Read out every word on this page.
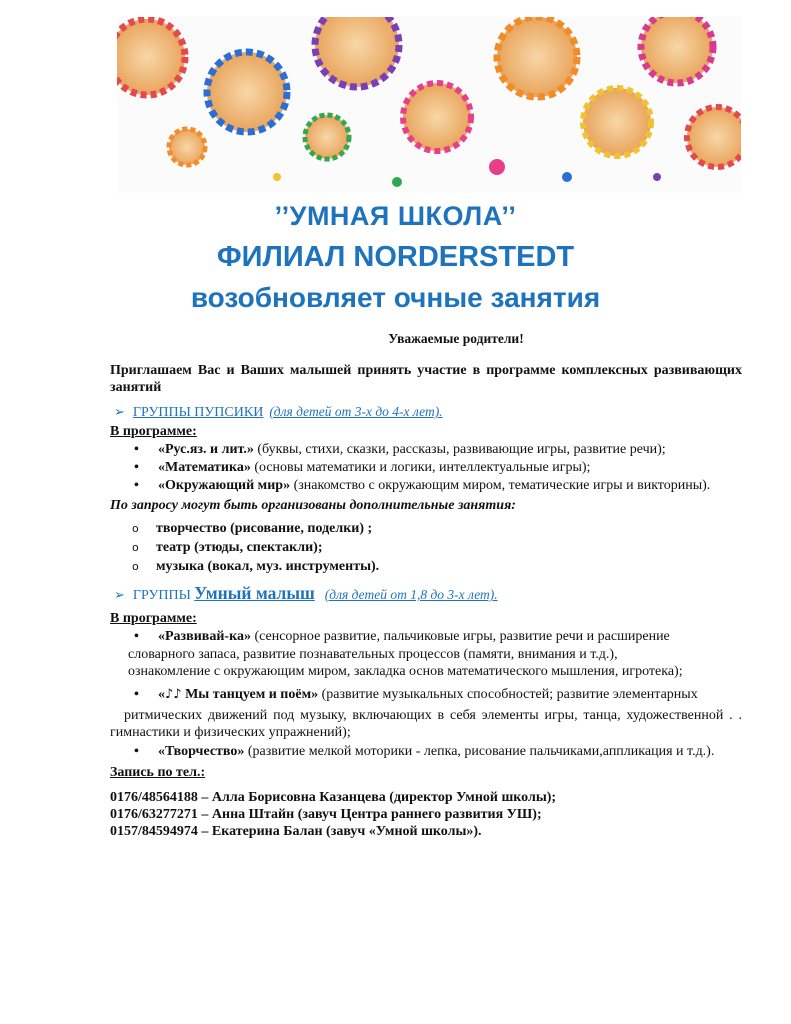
’’УМНАЯ ШКОЛА’’
ФИЛИАЛ NORDERSTEDT
возобновляет очные занятия
Уважаемые родители!
Приглашаем Вас и Ваших малышей принять участие в программе комплексных развивающих занятий
➢ ГРУППЫ ПУПСИКИ (для детей от 3-х до 4-х лет).
В программе:
• «Рус.яз. и лит.» (буквы, стихи, сказки, рассказы, развивающие игры, развитие речи);
• «Математика» (основы математики и логики, интеллектуальные игры);
• «Окружающий мир» (знакомство с окружающим миром, тематические игры и викторины).
По запросу могут быть организованы дополнительные занятия:
o творчество (рисование, поделки) ;
o театр (этюды, спектакли);
o музыка (вокал, муз. инструменты).
➢ ГРУППЫ Умный малыш (для детей от 1,8 до 3-х лет).
В программе:
• «Развивай-ка» (сенсорное развитие, пальчиковые игры, развитие речи и расширение
словарного запаса, развитие познавательных процессов (памяти, внимания и т.д.),
ознакомление с окружающим миром, закладка основ математического мышления, игротека);
• «♪♪ Мы танцуем и поём» (развитие музыкальных способностей; развитие элементарных
ритмических движений под музыку, включающих в себя элементы игры, танца, художественной . . гимнастики и физических упражнений);
• «Творчество» (развитие мелкой моторики - лепка, рисование пальчиками,аппликация и т.д.).
Запись по тел.:
0176/48564188 – Алла Борисовна Казанцева (директор Умной школы);
0176/63277271 – Анна Штайн (завуч Центра раннего развития УШ);
0157/84594974 – Екатерина Балан (завуч «Умной школы»).
